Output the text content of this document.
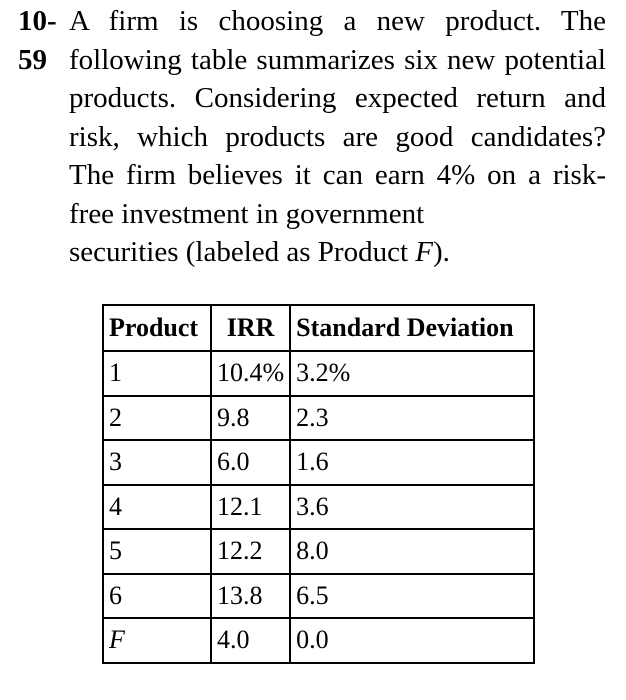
10-
59
A firm is choosing a new product. The following table summarizes six new potential products. Considering expected return and risk, which products are good candidates? The firm believes it can earn 4% on a risk-free investment in government
securities (labeled as Product F).
Product	IRR	Standard Deviation
1	10.4%	3.2%
2	9.8	2.3
3	6.0	1.6
4	12.1	3.6
5	12.2	8.0
6	13.8	6.5
F	4.0	0.0
